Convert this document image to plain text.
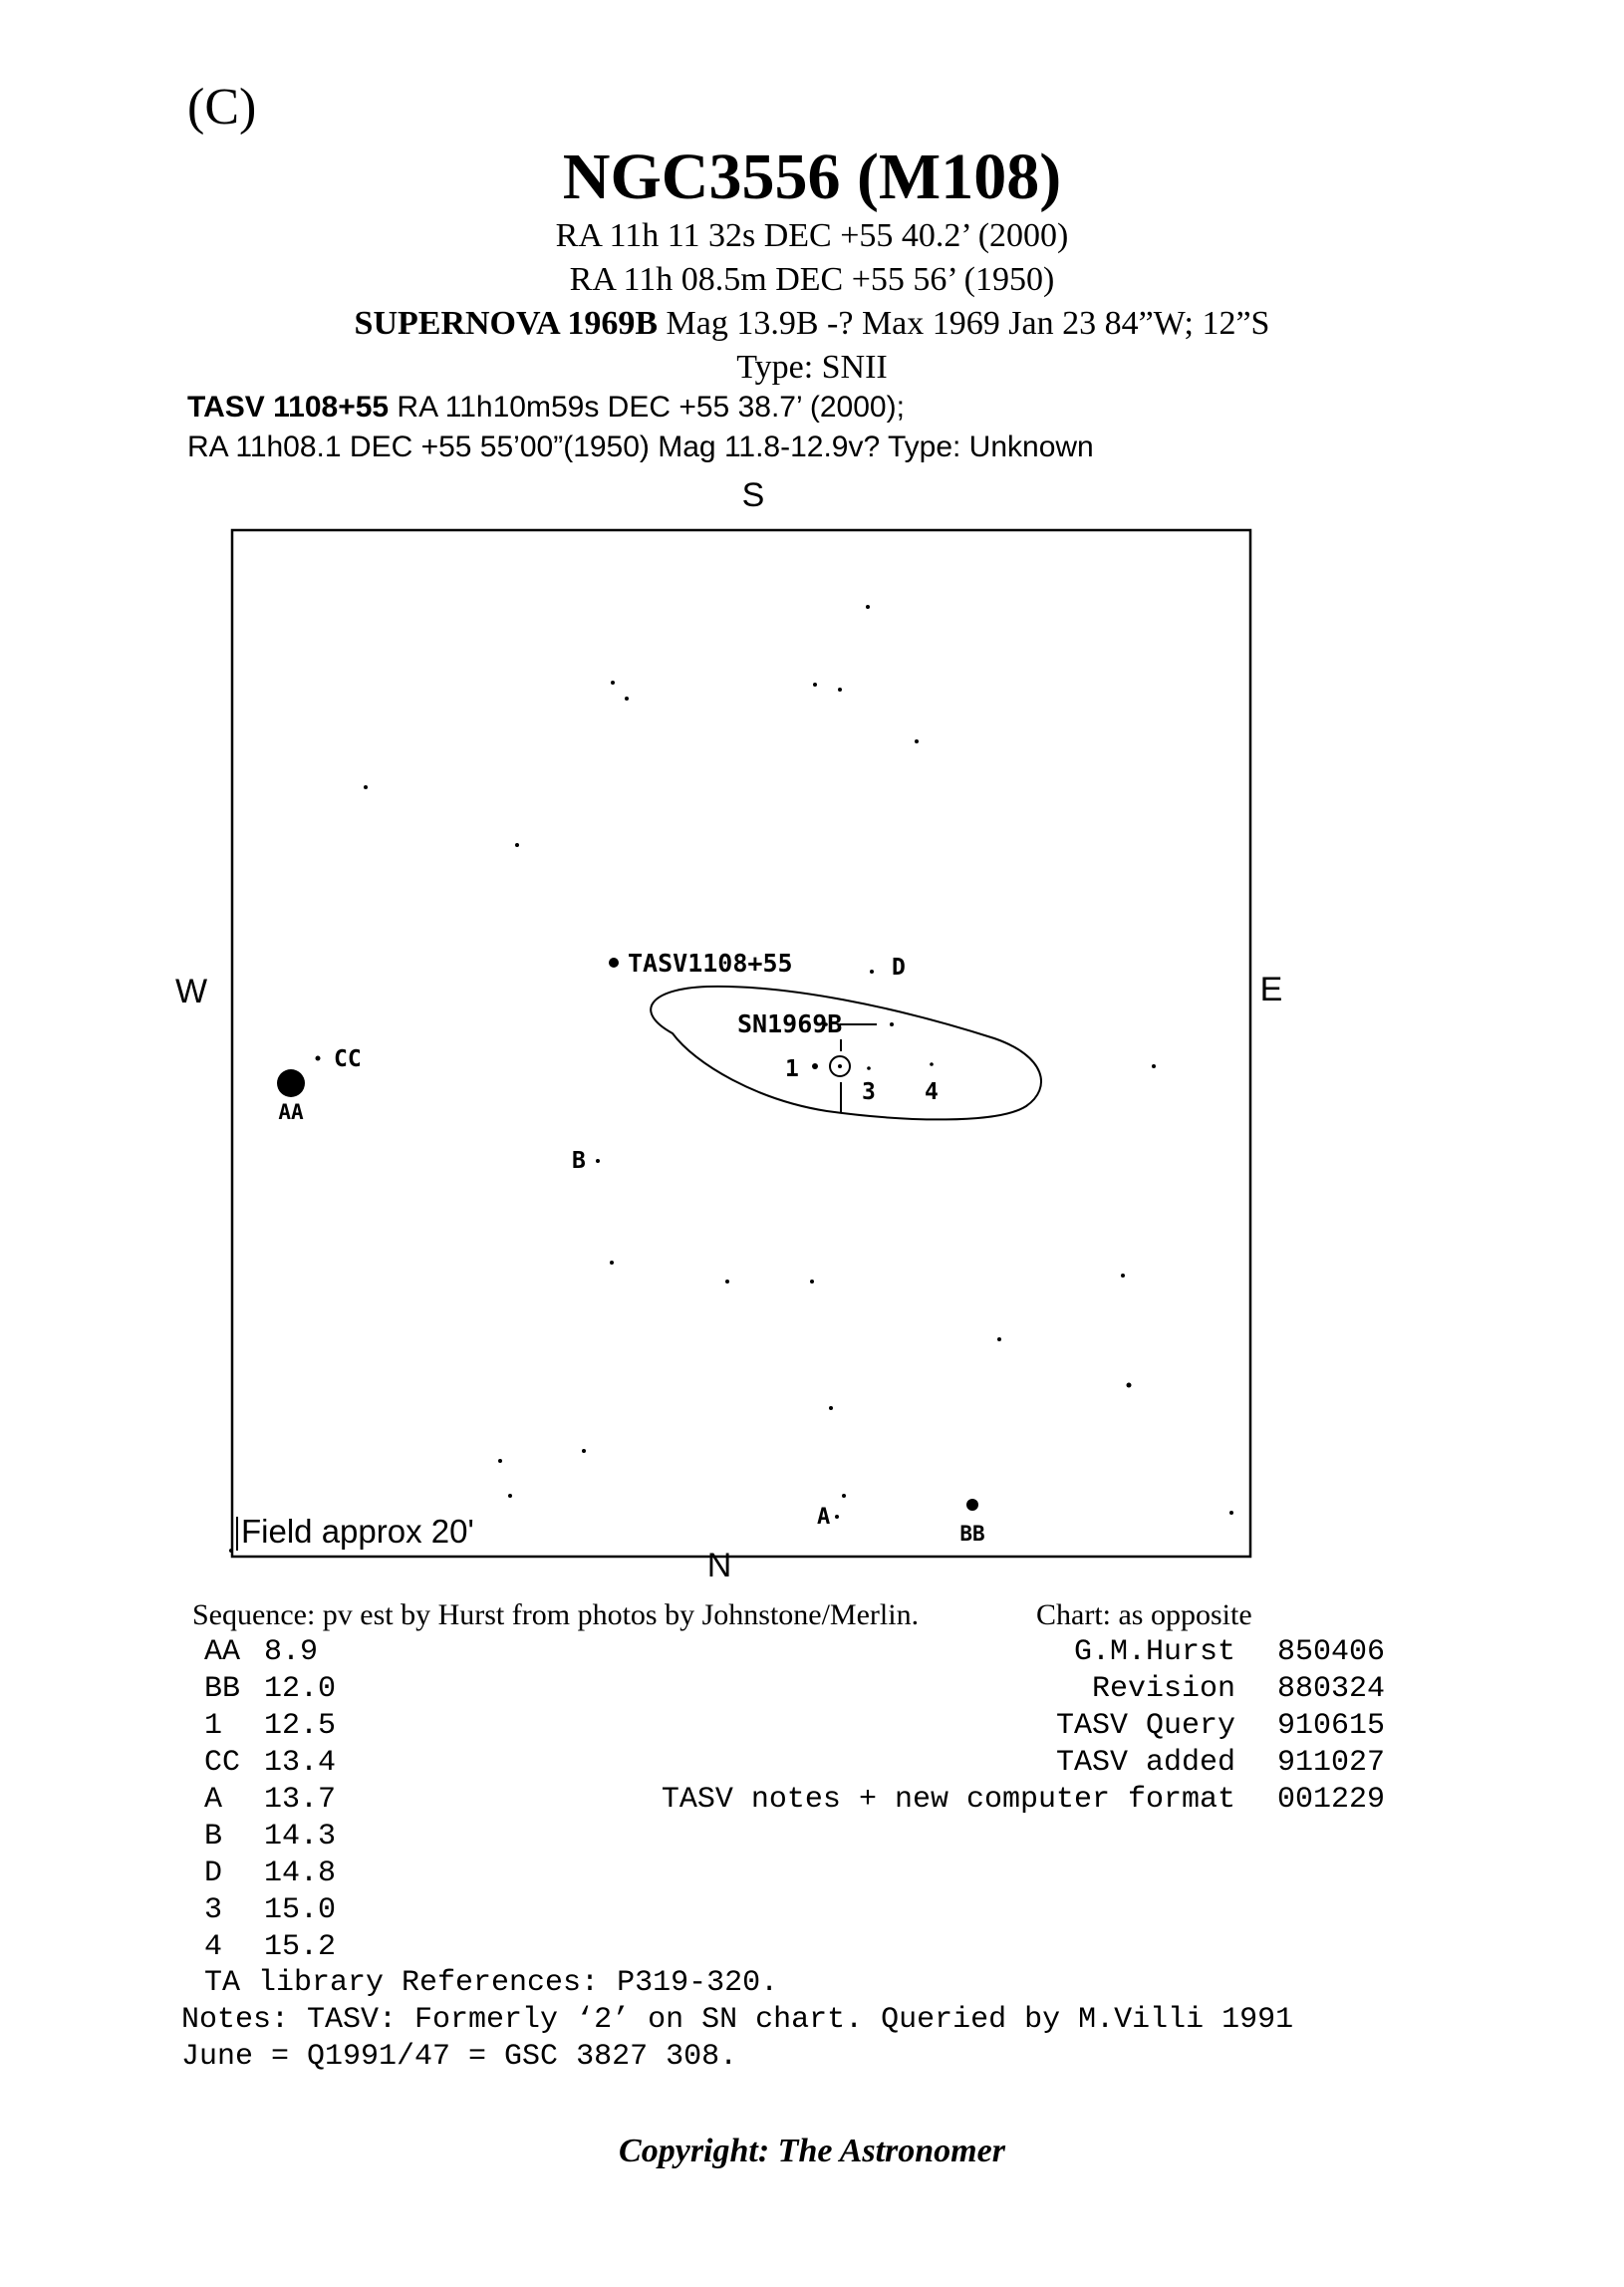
(C)
NGC3556 (M108)
RA 11h 11 32s DEC +55 40.2’ (2000)
RA 11h 08.5m DEC +55 56’ (1950)
SUPERNOVA 1969B Mag 13.9B -? Max 1969 Jan 23 84”W; 12”S
Type: SNII
TASV 1108+55 RA 11h10m59s DEC +55 38.7’ (2000);
RA 11h08.1 DEC +55 55’00”(1950) Mag 11.8-12.9v? Type: Unknown
S
N
W	E
TASV1108+55	D
SN1969B
1
3 4
CC
AA
B
A
BB
Field approx 20'
Sequence: pv est by Hurst from photos by Johnstone/Merlin.	Chart: as opposite
AA 8.9
BB 12.0
1	12.5
CC 13.4
A	13.7
B	14.3
D	14.8
3	15.0
4	15.2
G.M.Hurst	850406
Revision	880324
TASV Query	910615
TASV added	911027
TASV notes + new computer format	001229
TA library References: P319-320.
Notes: TASV: Formerly ‘2’ on SN chart. Queried by M.Villi 1991
June = Q1991/47 = GSC 3827 308.
Copyright: The Astronomer
